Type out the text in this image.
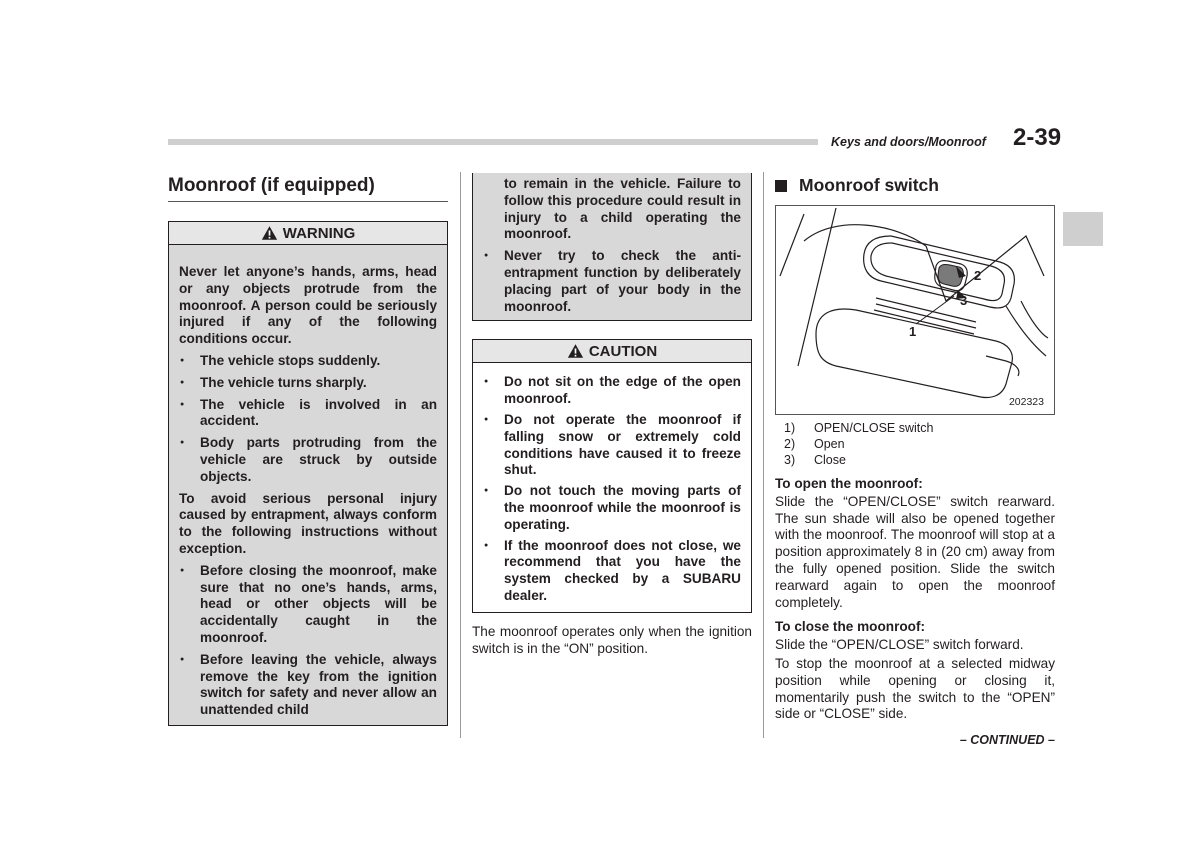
Keys and doors/Moonroof 2-39
Moonroof (if equipped)
WARNING

Never let anyone’s hands, arms, head or any objects protrude from the moonroof. A person could be seriously injured if any of the following conditions occur.

● The vehicle stops suddenly.
● The vehicle turns sharply.
● The vehicle is involved in an accident.
● Body parts protruding from the vehicle are struck by outside objects.

To avoid serious personal injury caused by entrapment, always conform to the following instructions without exception.

● Before closing the moonroof, make sure that no one’s hands, arms, head or other objects will be accidentally caught in the moonroof.
● Before leaving the vehicle, always remove the key from the ignition switch for safety and never allow an unattended child

to remain in the vehicle. Failure to follow this procedure could result in injury to a child operating the moonroof.

● Never try to check the anti-entrapment function by deliberately placing part of your body in the moonroof.
CAUTION
● Do not sit on the edge of the open moonroof.
● Do not operate the moonroof if falling snow or extremely cold conditions have caused it to freeze shut.
● Do not touch the moving parts of the moonroof while the moonroof is operating.
● If the moonroof does not close, we recommend that you have the system checked by a SUBARU dealer.

The moonroof operates only when the ignition switch is in the “ON” position.

Moonroof switch
2
3
1
202323
1)	OPEN/CLOSE switch
2)	Open
3)	Close

To open the moonroof:

Slide the “OPEN/CLOSE” switch rearward. The sun shade will also be opened together with the moonroof. The moonroof will stop at a position approximately 8 in (20 cm) away from the fully opened position. Slide the switch rearward again to open the moonroof completely.

To close the moonroof:

Slide the “OPEN/CLOSE” switch forward.

To stop the moonroof at a selected midway position while opening or closing it, momentarily push the switch to the “OPEN” side or “CLOSE” side.

– CONTINUED –
